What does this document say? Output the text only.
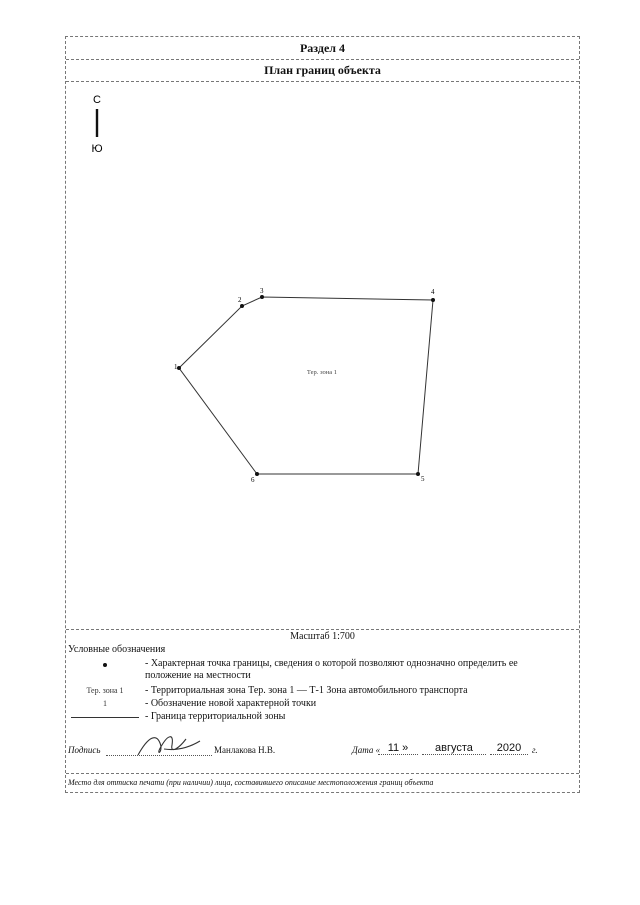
Раздел 4
План границ объекта
С
Ю
Тер. зона 1
1
2
3	4
5
6
Масштаб 1:700
Условные обозначения
- Характерная точка границы, сведения о которой позволяют однозначно определить ее положение на местности
Тер. зона 1	- Территориальная зона Тер. зона 1 — Т-1 Зона автомобильного транспорта
1	- Обозначение новой характерной точки
- Граница территориальной зоны
Подпись	Манлакова Н.В.	Дата « 11 »	августа	2020	г.
Место для оттиска печати (при наличии) лица, составившего описание местоположения границ объекта
